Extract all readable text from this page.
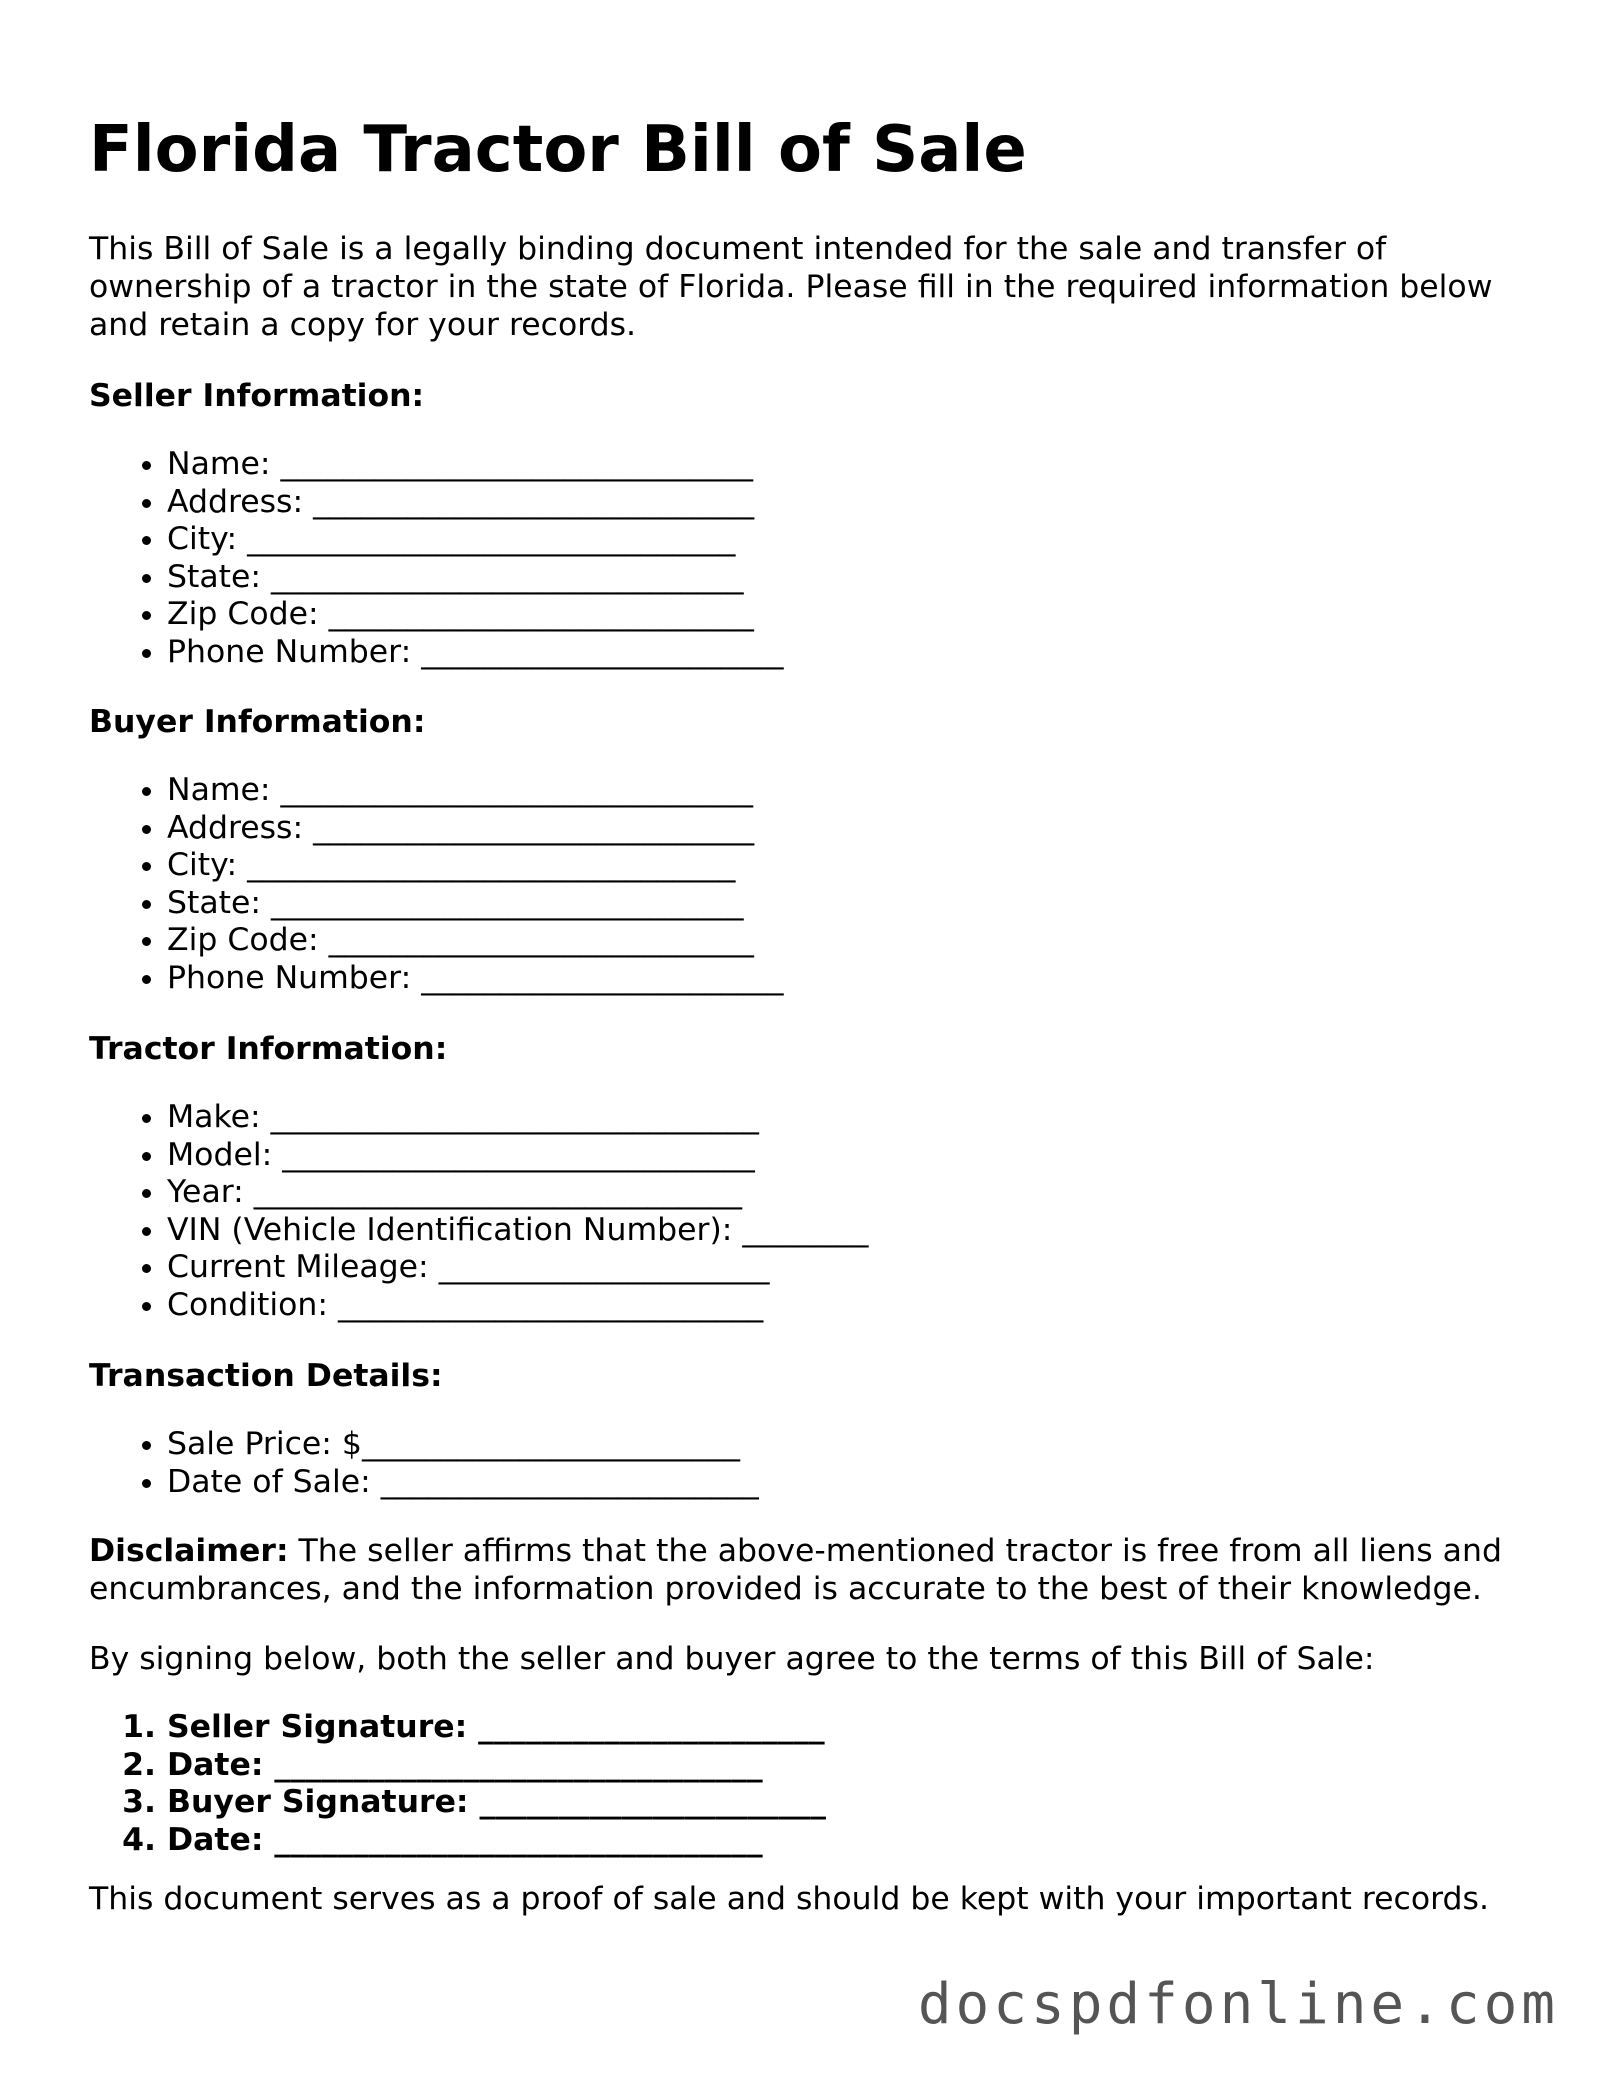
Florida Tractor Bill of Sale

This Bill of Sale is a legally binding document intended for the sale and transfer of ownership of a tractor in the state of Florida. Please fill in the required information below and retain a copy for your records.

Seller Information:

• Name: ______________________________
• Address: ____________________________
• City: _______________________________
• State: ______________________________
• Zip Code: ___________________________
• Phone Number: _______________________

Buyer Information:

• Name: ______________________________
• Address: ____________________________
• City: _______________________________
• State: ______________________________
• Zip Code: ___________________________
• Phone Number: _______________________

Tractor Information:

• Make: _______________________________
• Model: ______________________________
• Year: _______________________________
• VIN (Vehicle Identification Number): ________
• Current Mileage: _____________________
• Condition: ___________________________

Transaction Details:

• Sale Price: $________________________
• Date of Sale: ________________________

Disclaimer: The seller affirms that the above-mentioned tractor is free from all liens and encumbrances, and the information provided is accurate to the best of their knowledge.

By signing below, both the seller and buyer agree to the terms of this Bill of Sale:

1. Seller Signature: ______________________
2. Date: _______________________________
3. Buyer Signature: ______________________
4. Date: _______________________________

This document serves as a proof of sale and should be kept with your important records.

docspdfonline.com
